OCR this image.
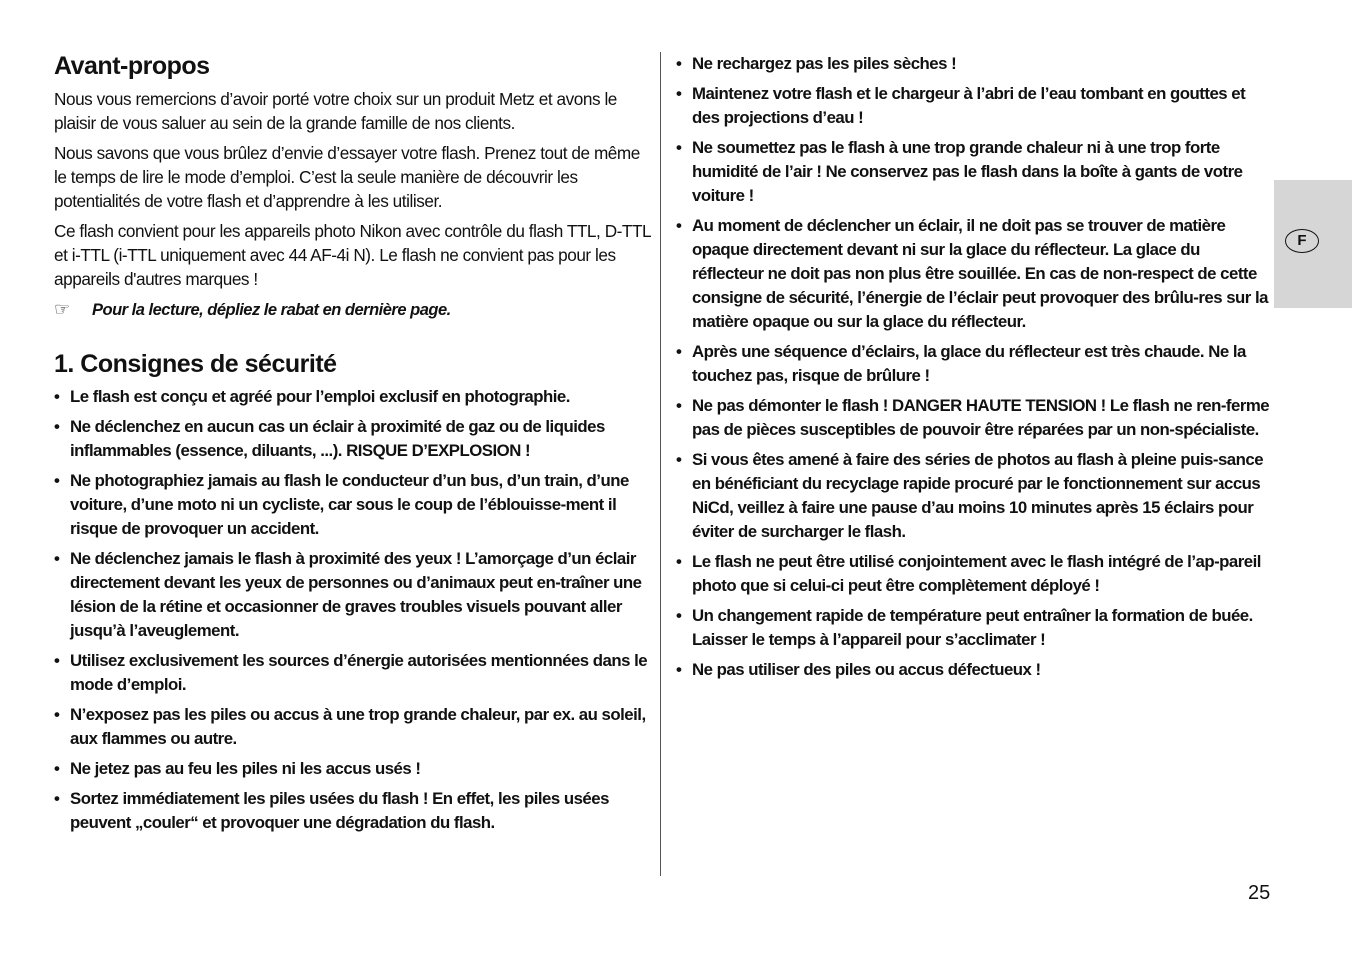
Avant-propos

Nous vous remercions d’avoir porté votre choix sur un produit Metz et avons le plaisir de vous saluer au sein de la grande famille de nos clients.

Nous savons que vous brûlez d’envie d’essayer votre flash. Prenez tout de même le temps de lire le mode d’emploi. C’est la seule manière de découvrir les potentialités de votre flash et d’apprendre à les utiliser.

Ce flash convient pour les appareils photo Nikon avec contrôle du flash TTL, D-TTL et i-TTL (i-TTL uniquement avec 44 AF-4i N). Le flash ne convient pas pour les appareils d'autres marques !

☞ Pour la lecture, dépliez le rabat en dernière page.

1. Consignes de sécurité
• Le flash est conçu et agréé pour l’emploi exclusif en photographie.
• Ne déclenchez en aucun cas un éclair à proximité de gaz ou de liquides inflammables (essence, diluants, ...). RISQUE D’EXPLOSION !
• Ne photographiez jamais au flash le conducteur d’un bus, d’un train, d’une voiture, d’une moto ni un cycliste, car sous le coup de l’éblouisse-ment il risque de provoquer un accident.
• Ne déclenchez jamais le flash à proximité des yeux ! L’amorçage d’un éclair directement devant les yeux de personnes ou d’animaux peut en-traîner une lésion de la rétine et occasionner de graves troubles visuels pouvant aller jusqu’à l’aveuglement.
• Utilisez exclusivement les sources d’énergie autorisées mentionnées dans le mode d’emploi.
• N’exposez pas les piles ou accus à une trop grande chaleur, par ex. au soleil, aux flammes ou autre.
• Ne jetez pas au feu les piles ni les accus usés !
• Sortez immédiatement les piles usées du flash ! En effet, les piles usées peuvent „couler“ et provoquer une dégradation du flash.
• Ne rechargez pas les piles sèches !
• Maintenez votre flash et le chargeur à l’abri de l’eau tombant en gouttes et des projections d’eau !
• Ne soumettez pas le flash à une trop grande chaleur ni à une trop forte humidité de l’air ! Ne conservez pas le flash dans la boîte à gants de votre voiture !
• Au moment de déclencher un éclair, il ne doit pas se trouver de matière opaque directement devant ni sur la glace du réflecteur. La glace du réflecteur ne doit pas non plus être souillée. En cas de non-respect de cette consigne de sécurité, l’énergie de l’éclair peut provoquer des brûlu-res sur la matière opaque ou sur la glace du réflecteur.
• Après une séquence d’éclairs, la glace du réflecteur est très chaude. Ne la touchez pas, risque de brûlure !
• Ne pas démonter le flash ! DANGER HAUTE TENSION ! Le flash ne ren-ferme pas de pièces susceptibles de pouvoir être réparées par un non-spécialiste.
• Si vous êtes amené à faire des séries de photos au flash à pleine puis-sance en bénéficiant du recyclage rapide procuré par le fonctionnement sur accus NiCd, veillez à faire une pause d’au moins 10 minutes après 15 éclairs pour éviter de surcharger le flash.
• Le flash ne peut être utilisé conjointement avec le flash intégré de l’ap-pareil photo que si celui-ci peut être complètement déployé !
• Un changement rapide de température peut entraîner la formation de buée. Laisser le temps à l’appareil pour s’acclimater !
• Ne pas utiliser des piles ou accus défectueux !
F
25
